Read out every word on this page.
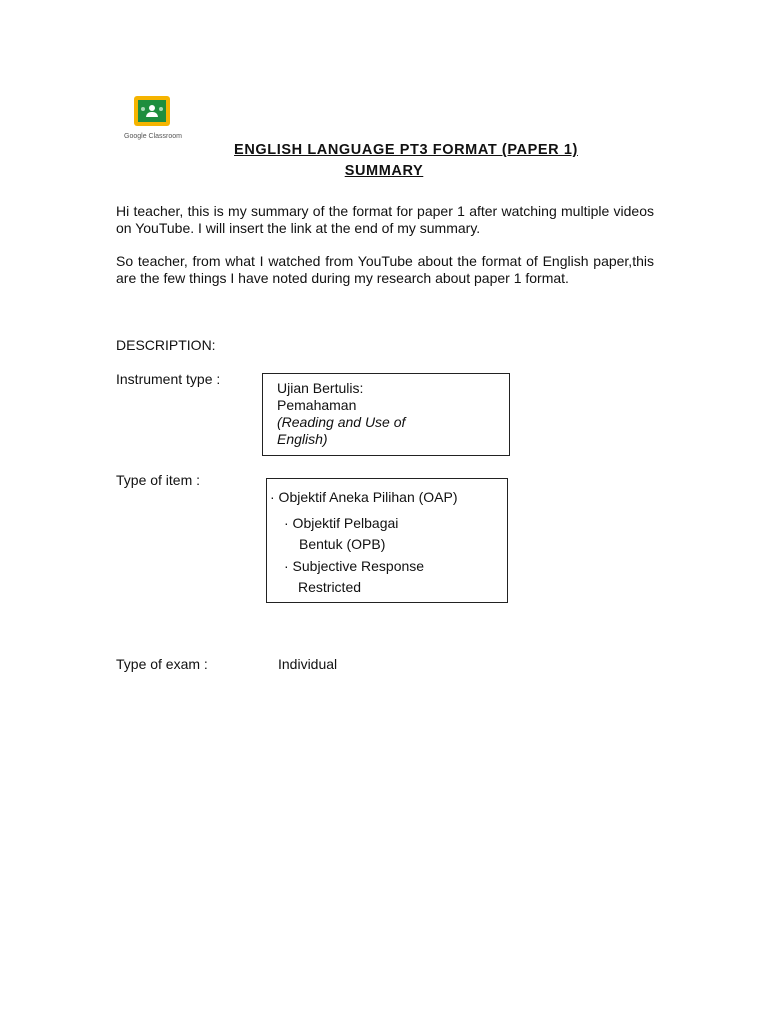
Google Classroom
ENGLISH LANGUAGE PT3 FORMAT (PAPER 1)
SUMMARY

Hi teacher, this is my summary of the format for paper 1 after watching multiple videos on YouTube. I will insert the link at the end of my summary.

So teacher, from what I watched from YouTube about the format of English paper,this are the few things I have noted during my research about paper 1 format.

DESCRIPTION:
Instrument type :
Ujian Bertulis:
Pemahaman
(Reading and Use of
English)
Type of item :
· Objektif Aneka Pilihan (OAP)
· Objektif Pelbagai
Bentuk (OPB)
· Subjective Response
Restricted
Type of exam :	Individual
